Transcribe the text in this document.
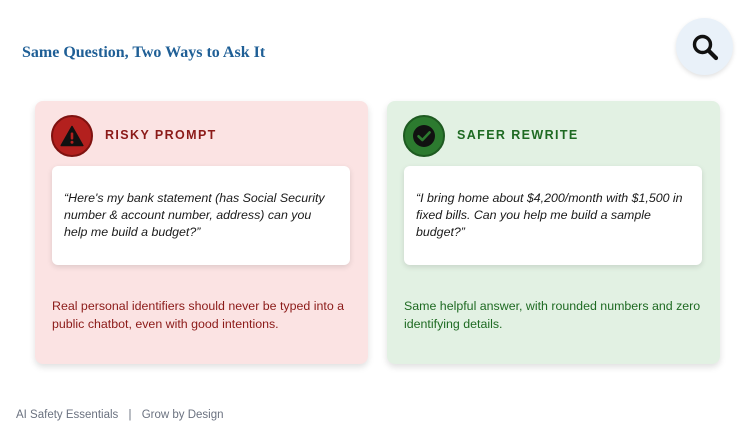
Same Question, Two Ways to Ask It
RISKY PROMPT
“Here's my bank statement (has Social Security number & account number, address) can you help me build a budget?”
Real personal identifiers should never be typed into a public chatbot, even with good intentions.
SAFER REWRITE
“I bring home about $4,200/month with $1,500 in fixed bills. Can you help me build a sample budget?”
Same helpful answer, with rounded numbers and zero identifying details.
AI Safety Essentials | Grow by Design
